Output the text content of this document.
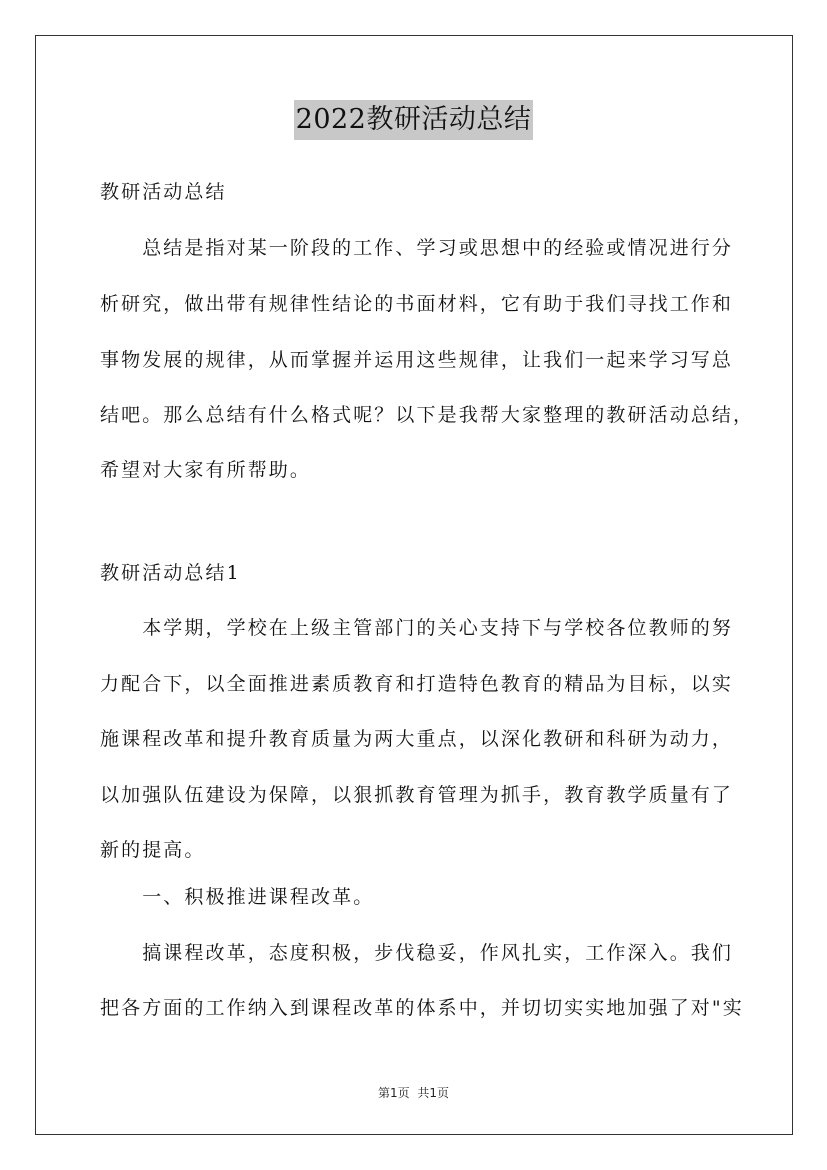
2022教研活动总结
教研活动总结
　　总结是指对某一阶段的工作、学习或思想中的经验或情况进行分
析研究，做出带有规律性结论的书面材料，它有助于我们寻找工作和
事物发展的规律，从而掌握并运用这些规律，让我们一起来学习写总
结吧。那么总结有什么格式呢？以下是我帮大家整理的教研活动总结，
希望对大家有所帮助。
教研活动总结1
　　本学期，学校在上级主管部门的关心支持下与学校各位教师的努
力配合下，以全面推进素质教育和打造特色教育的精品为目标，以实
施课程改革和提升教育质量为两大重点，以深化教研和科研为动力，
以加强队伍建设为保障，以狠抓教育管理为抓手，教育教学质量有了
新的提高。
　　一、积极推进课程改革。
　　搞课程改革，态度积极，步伐稳妥，作风扎实，工作深入。我们
把各方面的工作纳入到课程改革的体系中，并切切实实地加强了对"实
第1页 共1页
